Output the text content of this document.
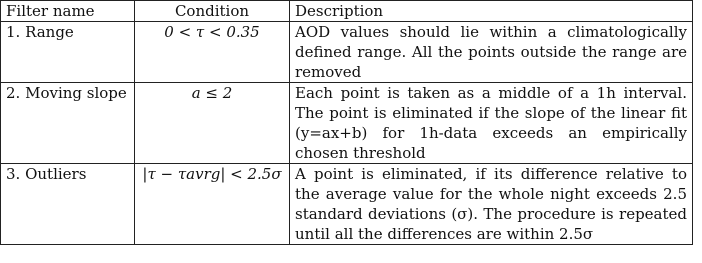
Filter name	Condition	Description
1. Range	0 < τ < 0.35	AOD values should lie within a climatologically defined range. All the points outside the range are removed
2. Moving slope	a ≤ 2	Each point is taken as a middle of a 1h interval. The point is eliminated if the slope of the linear fit (y=ax+b) for 1h-data exceeds an empirically chosen threshold
3. Outliers	|τ − τavrg| < 2.5σ	A point is eliminated, if its difference relative to the average value for the whole night exceeds 2.5 standard deviations (σ). The procedure is repeated until all the differences are within 2.5σ
